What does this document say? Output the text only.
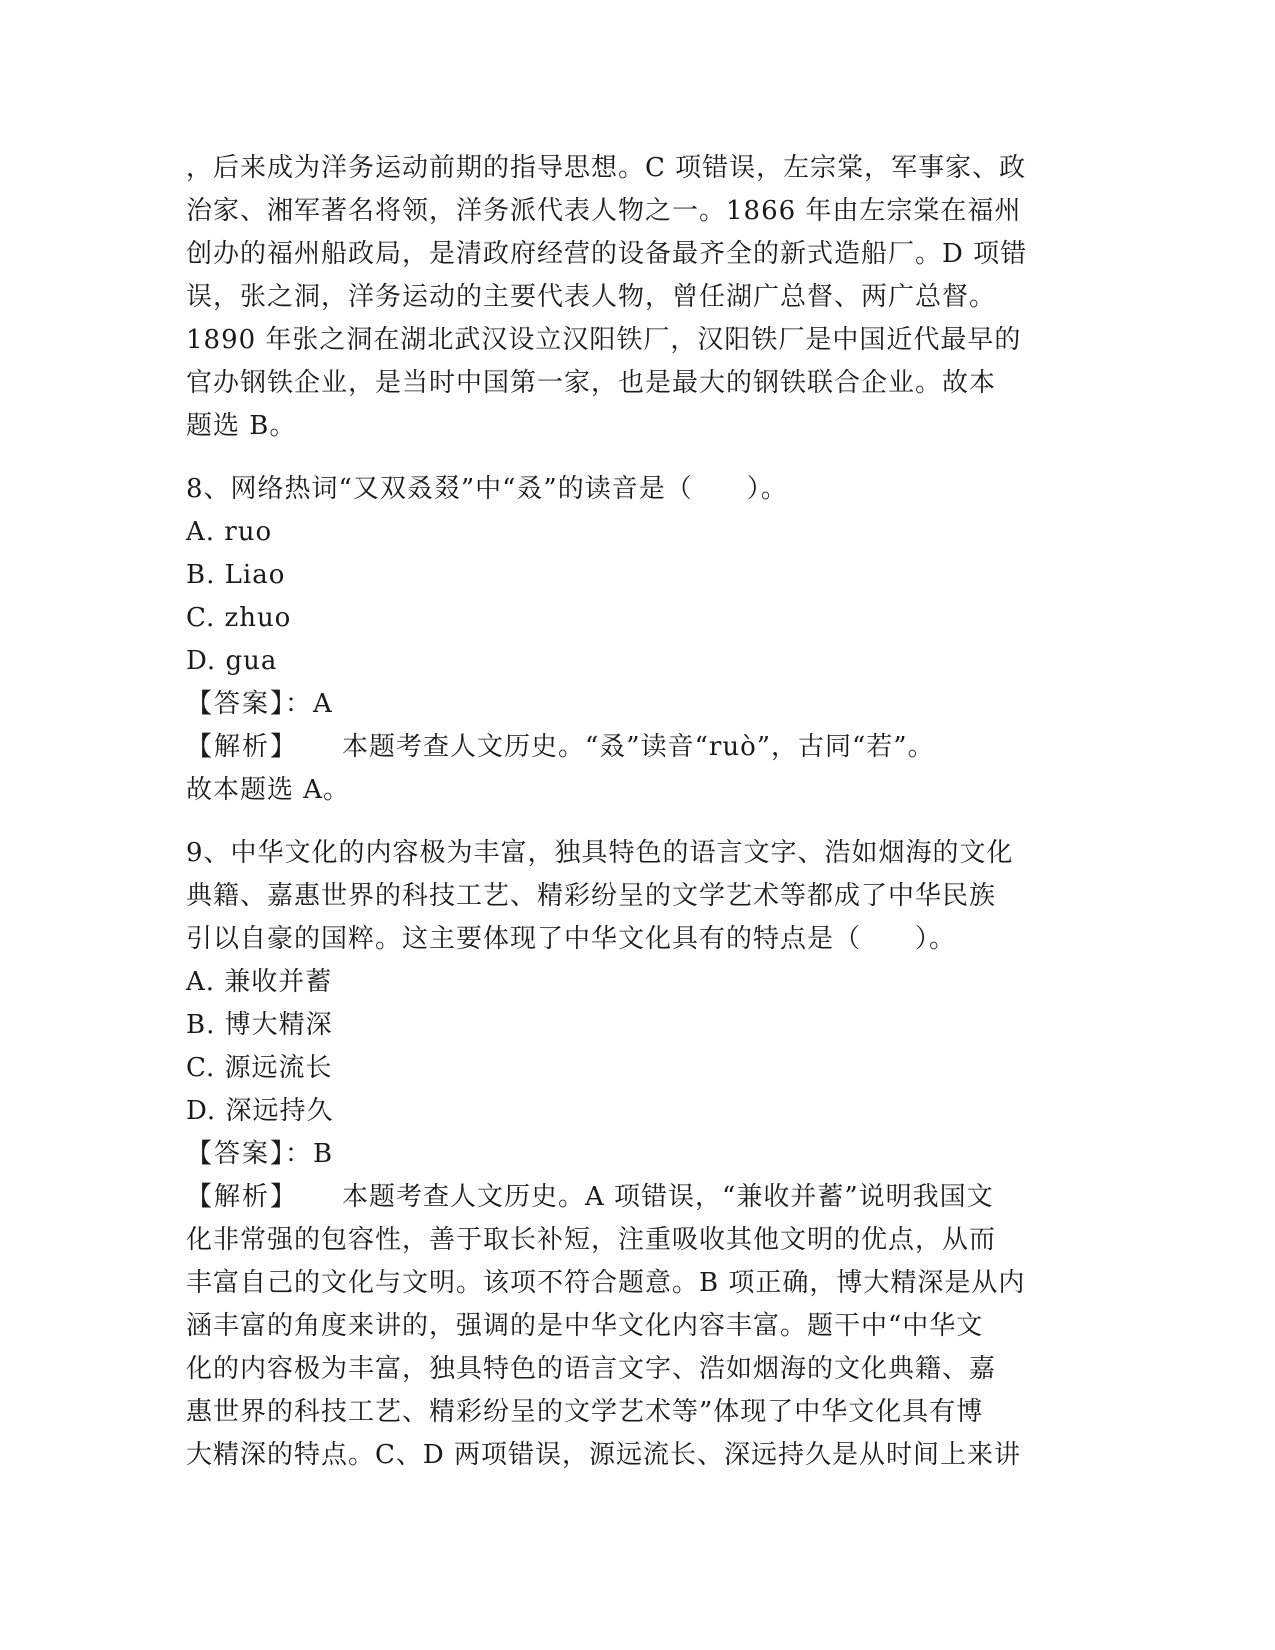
，后来成为洋务运动前期的指导思想。C 项错误，左宗棠，军事家、政
治家、湘军著名将领，洋务派代表人物之一。1866 年由左宗棠在福州
创办的福州船政局，是清政府经营的设备最齐全的新式造船厂。D 项错
误，张之洞，洋务运动的主要代表人物，曾任湖广总督、两广总督。
1890 年张之洞在湖北武汉设立汉阳铁厂，汉阳铁厂是中国近代最早的
官办钢铁企业，是当时中国第一家，也是最大的钢铁联合企业。故本
题选 B。
8、网络热词“又双叒叕”中“叒”的读音是（　　）。
A. ruo
B. Liao
C. zhuo
D. gua
【答案】：A
【解析】 本题考查人文历史。“叒”读音“ruò”，古同“若”。
故本题选 A。
9、中华文化的内容极为丰富，独具特色的语言文字、浩如烟海的文化
典籍、嘉惠世界的科技工艺、精彩纷呈的文学艺术等都成了中华民族
引以自豪的国粹。这主要体现了中华文化具有的特点是（　　）。
A. 兼收并蓄
B. 博大精深
C. 源远流长
D. 深远持久
【答案】：B
【解析】 本题考查人文历史。A 项错误，“兼收并蓄”说明我国文
化非常强的包容性，善于取长补短，注重吸收其他文明的优点，从而
丰富自己的文化与文明。该项不符合题意。B 项正确，博大精深是从内
涵丰富的角度来讲的，强调的是中华文化内容丰富。题干中“中华文
化的内容极为丰富，独具特色的语言文字、浩如烟海的文化典籍、嘉
惠世界的科技工艺、精彩纷呈的文学艺术等”体现了中华文化具有博
大精深的特点。C、D 两项错误，源远流长、深远持久是从时间上来讲
